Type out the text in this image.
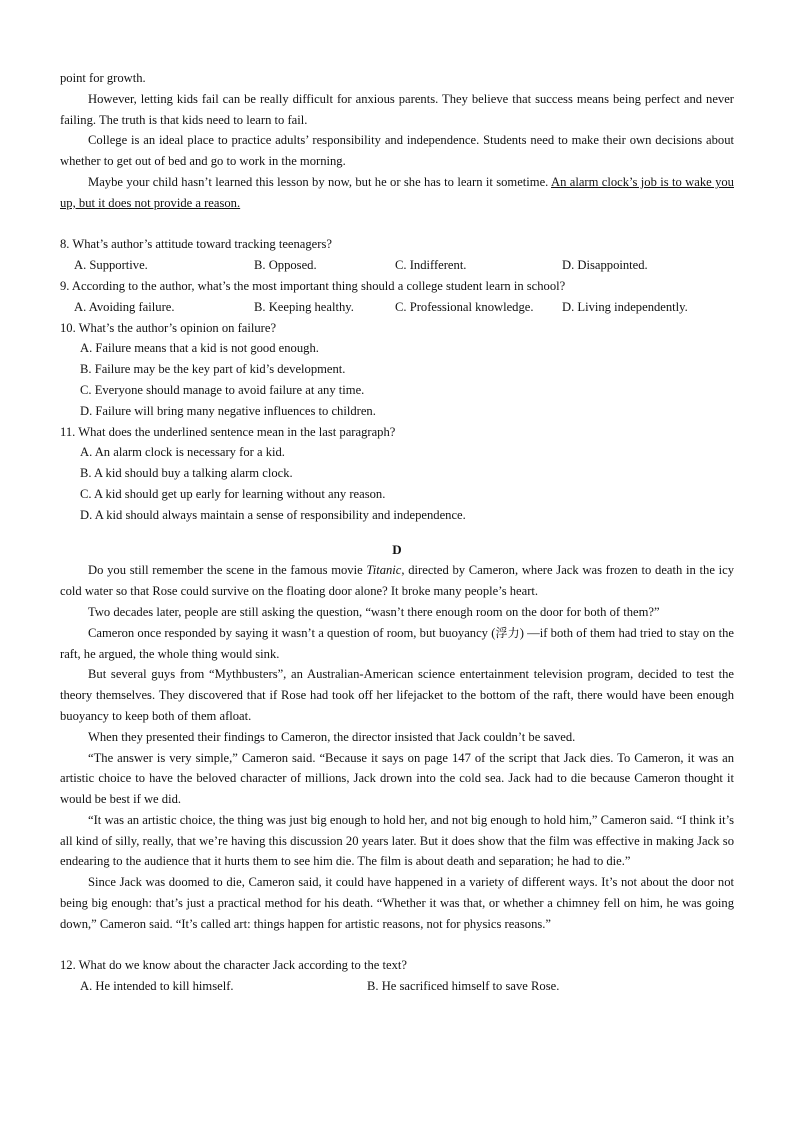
point for growth.

However, letting kids fail can be really difficult for anxious parents. They believe that success means being perfect and never failing. The truth is that kids need to learn to fail.

College is an ideal place to practice adults’ responsibility and independence. Students need to make their own decisions about whether to get out of bed and go to work in the morning.

Maybe your child hasn’t learned this lesson by now, but he or she has to learn it sometime. An alarm clock’s job is to wake you up, but it does not provide a reason.

8. What’s author’s attitude toward tracking teenagers?

A. Supportive.	B. Opposed.	C. Indifferent.	D. Disappointed.

9. According to the author, what’s the most important thing should a college student learn in school?

A. Avoiding failure.	B. Keeping healthy.	C. Professional knowledge.	D. Living independently.

10. What’s the author’s opinion on failure?

A. Failure means that a kid is not good enough.

B. Failure may be the key part of kid’s development.

C. Everyone should manage to avoid failure at any time.

D. Failure will bring many negative influences to children.

11. What does the underlined sentence mean in the last paragraph?

A. An alarm clock is necessary for a kid.

B. A kid should buy a talking alarm clock.

C. A kid should get up early for learning without any reason.

D. A kid should always maintain a sense of responsibility and independence.

D

Do you still remember the scene in the famous movie Titanic, directed by Cameron, where Jack was frozen to death in the icy cold water so that Rose could survive on the floating door alone? It broke many people’s heart.

Two decades later, people are still asking the question, “wasn’t there enough room on the door for both of them?”

Cameron once responded by saying it wasn’t a question of room, but buoyancy (浮力) —if both of them had tried to stay on the raft, he argued, the whole thing would sink.

But several guys from “Mythbusters”, an Australian-American science entertainment television program, decided to test the theory themselves. They discovered that if Rose had took off her lifejacket to the bottom of the raft, there would have been enough buoyancy to keep both of them afloat.

When they presented their findings to Cameron, the director insisted that Jack couldn’t be saved.

“The answer is very simple,” Cameron said. “Because it says on page 147 of the script that Jack dies. To Cameron, it was an artistic choice to have the beloved character of millions, Jack drown into the cold sea. Jack had to die because Cameron thought it would be best if we did.

“It was an artistic choice, the thing was just big enough to hold her, and not big enough to hold him,” Cameron said. “I think it’s all kind of silly, really, that we’re having this discussion 20 years later. But it does show that the film was effective in making Jack so endearing to the audience that it hurts them to see him die. The film is about death and separation; he had to die.”

Since Jack was doomed to die, Cameron said, it could have happened in a variety of different ways. It’s not about the door not being big enough: that’s just a practical method for his death. “Whether it was that, or whether a chimney fell on him, he was going down,” Cameron said. “It’s called art: things happen for artistic reasons, not for physics reasons.”

12. What do we know about the character Jack according to the text?

A. He intended to kill himself.	B. He sacrificed himself to save Rose.
